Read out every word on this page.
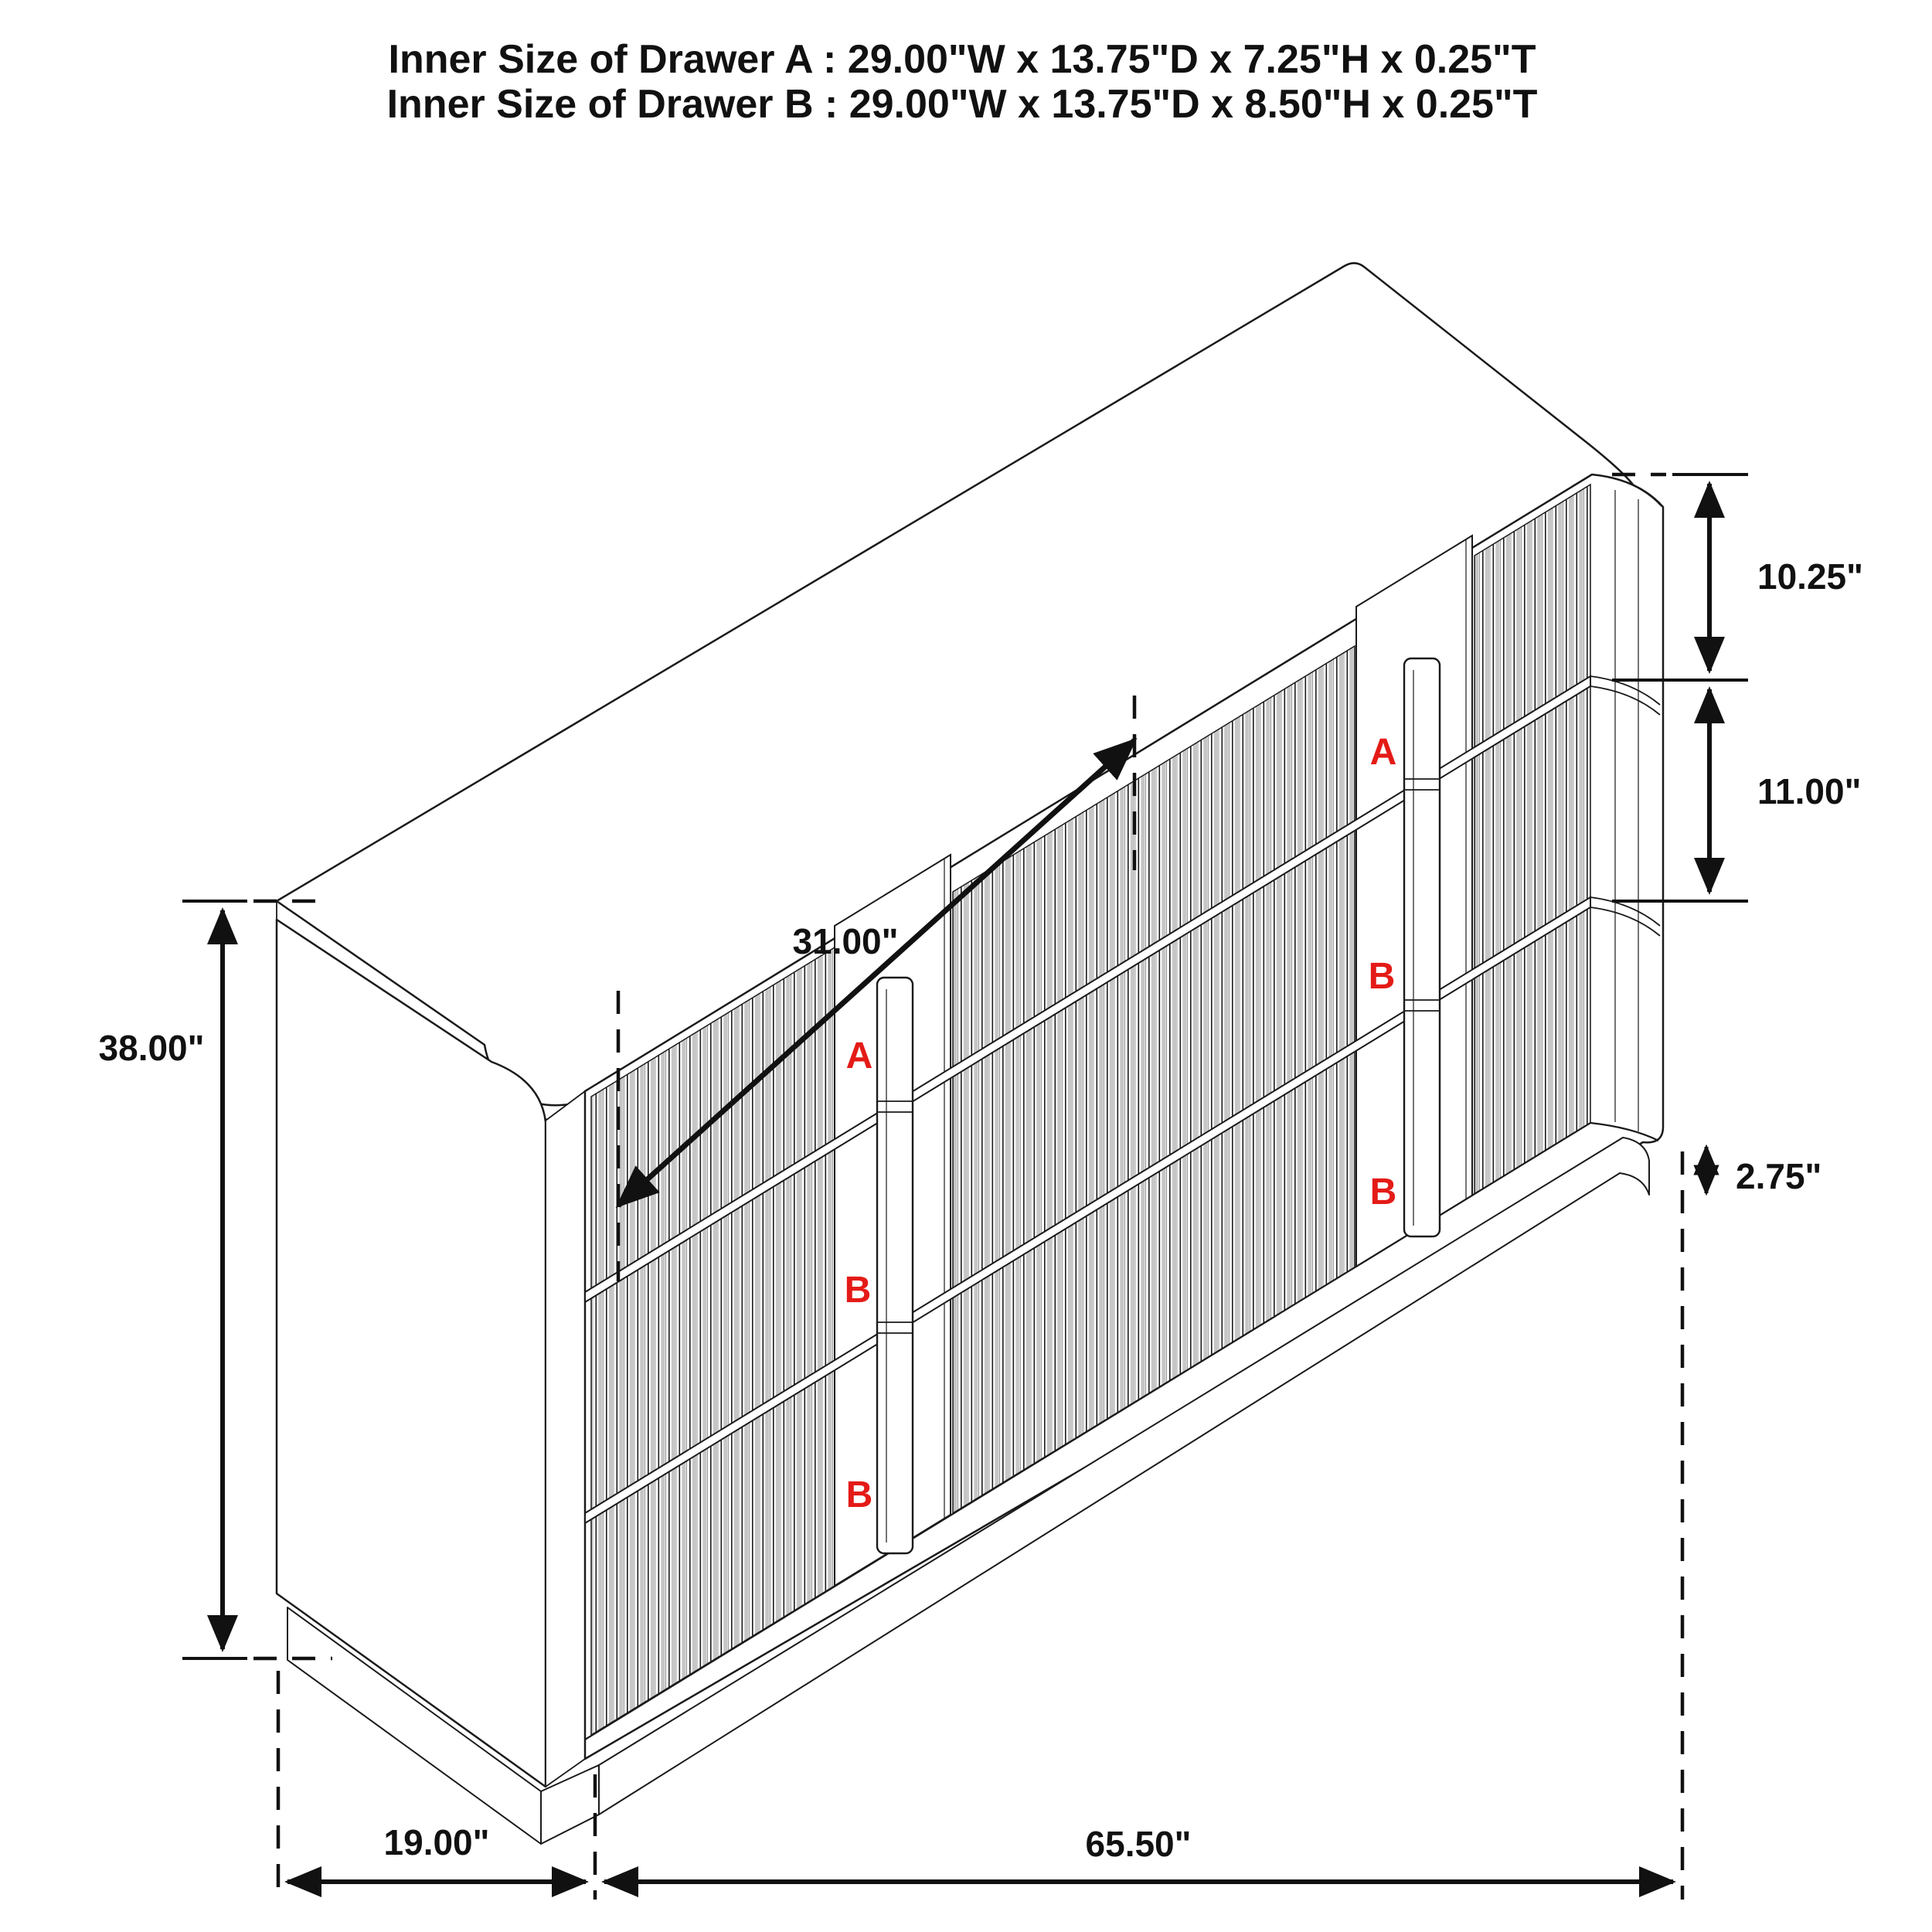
A
B
B
A
B
B
31.00"
10.25"
11.00"
2.75"
38.00"
19.00"	65.50"
Inner Size of Drawer A : 29.00"W x 13.75"D x 7.25"H x 0.25"T
Inner Size of Drawer B : 29.00"W x 13.75"D x 8.50"H x 0.25"T
